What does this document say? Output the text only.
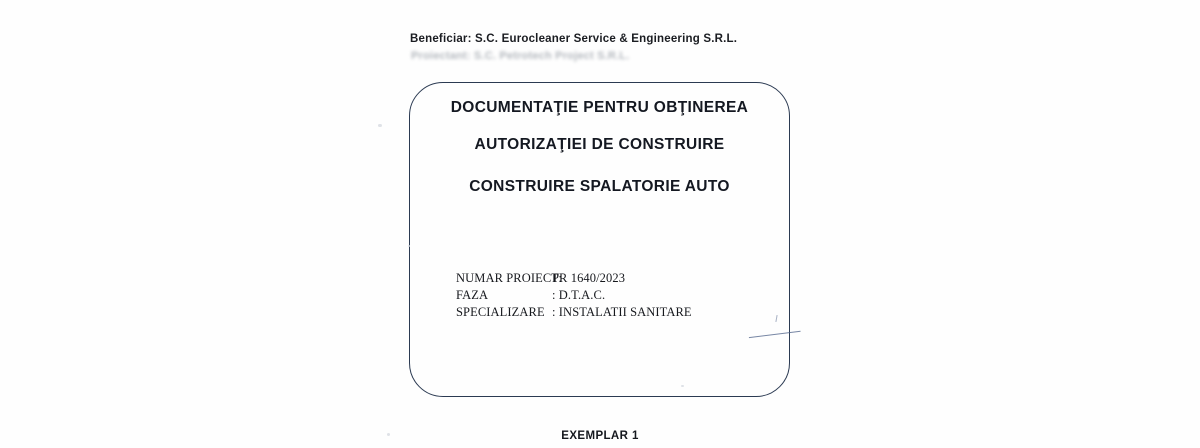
Beneficiar: S.C. Eurocleaner Service & Engineering S.R.L.
Proiectant: S.C. Petrotech Project S.R.L.
DOCUMENTAŢIE PENTRU OBŢINEREA
AUTORIZAŢIEI DE CONSTRUIRE
CONSTRUIRE SPALATORIE AUTO
NUMAR PROIECT:
PR 1640/2023
FAZA	: D.T.A.C.
SPECIALIZARE : INSTALATII SANITARE
EXEMPLAR 1
